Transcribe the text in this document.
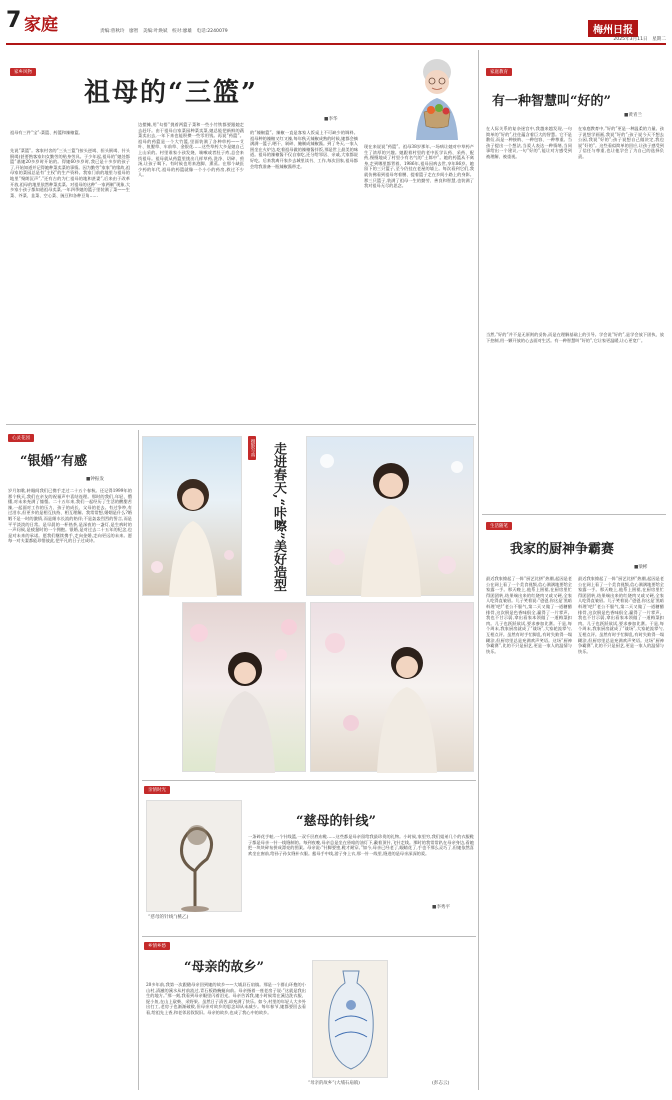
7 家庭	责编:曾秋玲　廖智　美编:叶焕斌　校对:廖雄　电话:2240079	梅州日报
2025年3月11日　星期二
家乡风物
祖母的“三篮”
■李华
祖母有三件“宝”:菜篮、药篮和辣椒篮。
先说“菜篮”。客家村舍的“三头三篮”(按头逆竭、担头倒竭、针头倒竭)甚要熟客家妇女勤劳的贴身劳具。于少年起,祖母的“她处都篮”基她20多岁时开始的。得她60多岁时,我已是十多岁的孩子了,开始知道并记得她种菜卖菜的事情。因为勤劳“家家”的缘故,祖母家的菜园总是有“主权”的生产资料。我家门前的地里与祖母的地里“聚朗沉声”,“还有古的为仁祖母的地和甚妻”,后来由于改革开放,祖母的地里依然种菜卖菜。对祖母的这种“一家两制”现象,大多家小孩子都知道祖母卖菜,一年四季她的篮子里装满了菜——生菜、芥菜、韭菜、空心菜、豌豆和各种豆角……
边摆摊,用“勾搭”挑着两篮子菜和一些小竹铁都要跟她走去赶圩。由于祖母自家菜园种菜卖菜,她总能把新鲜的蔬菜卖出去,一年下来也能积攒一些零用钱。再说“药篮”。祖母的药篮是一个大竹篮,里面装满了各种草药——艾叶、鱼腥草、车前草、金银花……这些草药大多是她自己上山采的。村里谁家小孩发烧、咳嗽或者肚子疼,总会来找祖母。祖母就从药篮里挑出几样草药,洗净、切碎、煎汤,让孩子喝下。有时候也用来泡脚、熏蒸。在那个缺医少药的年代,祖母的药篮就像一个小小的药房,救过不少人。
的“辣椒篮”。辣椒一直是客家人饭桌上不可缺少的调料。祖母种的辣椒又红又辣,每年秋天辣椒成熟的时候,她都会摘满满一篮子,晒干、剁碎、腌制成辣椒酱。到了冬天,一家人围坐在火炉边,吃着祖母做的辣椒酱拌饭,那是世上最美的味道。祖母的辣椒酱不仅自家吃,还分给邻居、亲戚,大家都说好吃。后来我离开家乡去城里读书、工作,每次回家,祖母都会给我准备一瓶辣椒酱带走。
现在来说说“药篮”。祖母38岁那年,一场病让她对中草药产生了浓厚的兴趣。她跟着村里的老中医学认药、采药、配药,慢慢地成了村里小有名气的“土郎中”。她的药篮从不离身,走到哪里都背着。1986年,祖母因病去世,享年86岁。她留下的三只篮子,至今仍挂在老屋的墙上。每次看到它们,我就仿佛看到祖母弯着腰、提着篮子走在乡间小路上的身影。那三只篮子,装满了祖母一生的勤劳、善良和智慧,也装满了我对祖母无尽的思念。
家庭教育
有一种智慧叫“好的”
■黄青兰
在人际关系的复杂迷宫中,我越来越发现,一句简单的“好的”,往往蕴含着巨大的智慧。它不是敷衍,而是一种接纳、一种包容、一种尊重。当孩子提出一个想法,当爱人表达一种情绪,当同事给出一个建议,一句“好的”,能让对方感受到被理解、被重视。
在家庭教育中,“好的”更是一种温柔的力量。孩子说想学画画,我说“好的”;孩子说今天不想去公园,我说“好的”;孩子说想自己做决定,我也说“好的”。这些看似简单的回应,让孩子感受到了信任与尊重,也让他学会了为自己的选择负责。
当然,“好的”并不是无原则的妥协,而是在理解基础上的引导。学会说“好的”,是学会放下固执、放下控制,用一颗开放的心去面对生活。有一种智慧叫“好的”,它让家更温暖,让心更宽广。
心灵花园
“银婚”有感
■钟振发
岁月如歌,转眼间我们已携手走过二十五个春秋。还记得1999年的那个秋天,我们在亲友的祝福声中喜结连理。那时的我们,年轻、懵懂,对未来充满了憧憬。二十五年来,我们一起经历了生活的酸甜苦辣,一起面对工作的压力、孩子的成长、父母的老去。有过争吵,有过泪水,但更多的是相互扶持、相互理解。我常常想,婚姻是什么?婚姻不是一时的激情,而是细水长流的陪伴;不是轰轰烈烈的誓言,而是平平淡淡的日常。是早晨的一杯热茶,是深夜的一盏灯,是生病时的一声问候,是疲惫时的一个拥抱。银婚,是对过去二十五年的纪念,也是对未来的承诺。愿我们继续携手,走向金婚,走向更远的未来。愿每一对夫妻都能珍惜彼此,把平凡的日子过成诗。
摄影写真	走进春天,“咔嚓”美好造型
亲情时光
“慈母的针线”(桃乙)
“慈母的针线”
■李秀平
一条碎花手帕,一个针线篮,一双千层底布鞋……这些都是母亲留给我最珍贵的礼物。小时候,家里穷,我们姐弟几个的衣服鞋子都是母亲一针一线缝制的。每到夜晚,母亲总是坐在昏暗的油灯下,戴着顶针,飞针走线。那时的我常常趴在母亲身边,看她把一块块碎布拼成漂亮的图案。母亲说:“针脚要密,鞋才耐穿。”如今,母亲已经老了,眼睛花了,手也不那么灵巧了,但她依然喜欢坐在窗前,给孙子孙女缝补衣服。慈母手中线,游子身上衣,那一针一线里,缝进的是母亲深深的爱。
乡情乡愁
“母亲的故乡”
20多年前,我第一次跟随母亲回到她的故乡——大埔县石扇镇。那是一个群山环抱的小山村,清澈的溪水从村前流过,青石板路蜿蜒向前。母亲指着一座老房子说:“这就是我出生的地方。”那一刻,我看到母亲眼里闪着泪光。母亲告诉我,她小时候常在溪边洗衣服、捉小鱼,在山上砍柴、采野果。虽然日子清苦,却充满了快乐。如今,村里的年轻人大多外出打工,老房子也渐渐破败,但母亲对故乡的思念却从未减少。每年春节,她都要回去看看,给祖先上香,和老邻居叙叙旧。母亲的故乡,也成了我心中的故乡。
“母亲的故乡”(大埔石扇镇)	(彭志云)
生活随笔
我家的厨神争霸赛
■梁彬
最近我家掀起了一阵“厨艺比拼”热潮,起因是老公在网上看了一个美食视频,信心满满地要给全家露一手。那天晚上,他系上围裙,在厨房里忙得团团转,结果端出来的红烧肉又咸又硬,全家人吃得直皱眉。儿子笑着说:“爸爸,你这是‘黑暗料理’吧!”老公不服气,第二天又做了一道糖醋排骨,这次倒是色香味俱全,赢得了一片掌声。我也不甘示弱,拿出看家本领做了一道梅菜扣肉。儿子也跃跃欲试,要求参加比赛。于是,每个周末,我家厨房就成了“战场”,大家轮流掌勺,互相点评。虽然有时手忙脚乱,有时失败得一塌糊涂,但厨房里总是充满欢声笑语。这场“厨神争霸赛”,比的不只是厨艺,更是一家人的温情与快乐。
最近我家掀起了一阵“厨艺比拼”热潮,起因是老公在网上看了一个美食视频,信心满满地要给全家露一手。那天晚上,他系上围裙,在厨房里忙得团团转,结果端出来的红烧肉又咸又硬,全家人吃得直皱眉。儿子笑着说:“爸爸,你这是‘黑暗料理’吧!”老公不服气,第二天又做了一道糖醋排骨,这次倒是色香味俱全,赢得了一片掌声。我也不甘示弱,拿出看家本领做了一道梅菜扣肉。儿子也跃跃欲试,要求参加比赛。于是,每个周末,我家厨房就成了“战场”,大家轮流掌勺,互相点评。虽然有时手忙脚乱,有时失败得一塌糊涂,但厨房里总是充满欢声笑语。这场“厨神争霸赛”,比的不只是厨艺,更是一家人的温情与快乐。
